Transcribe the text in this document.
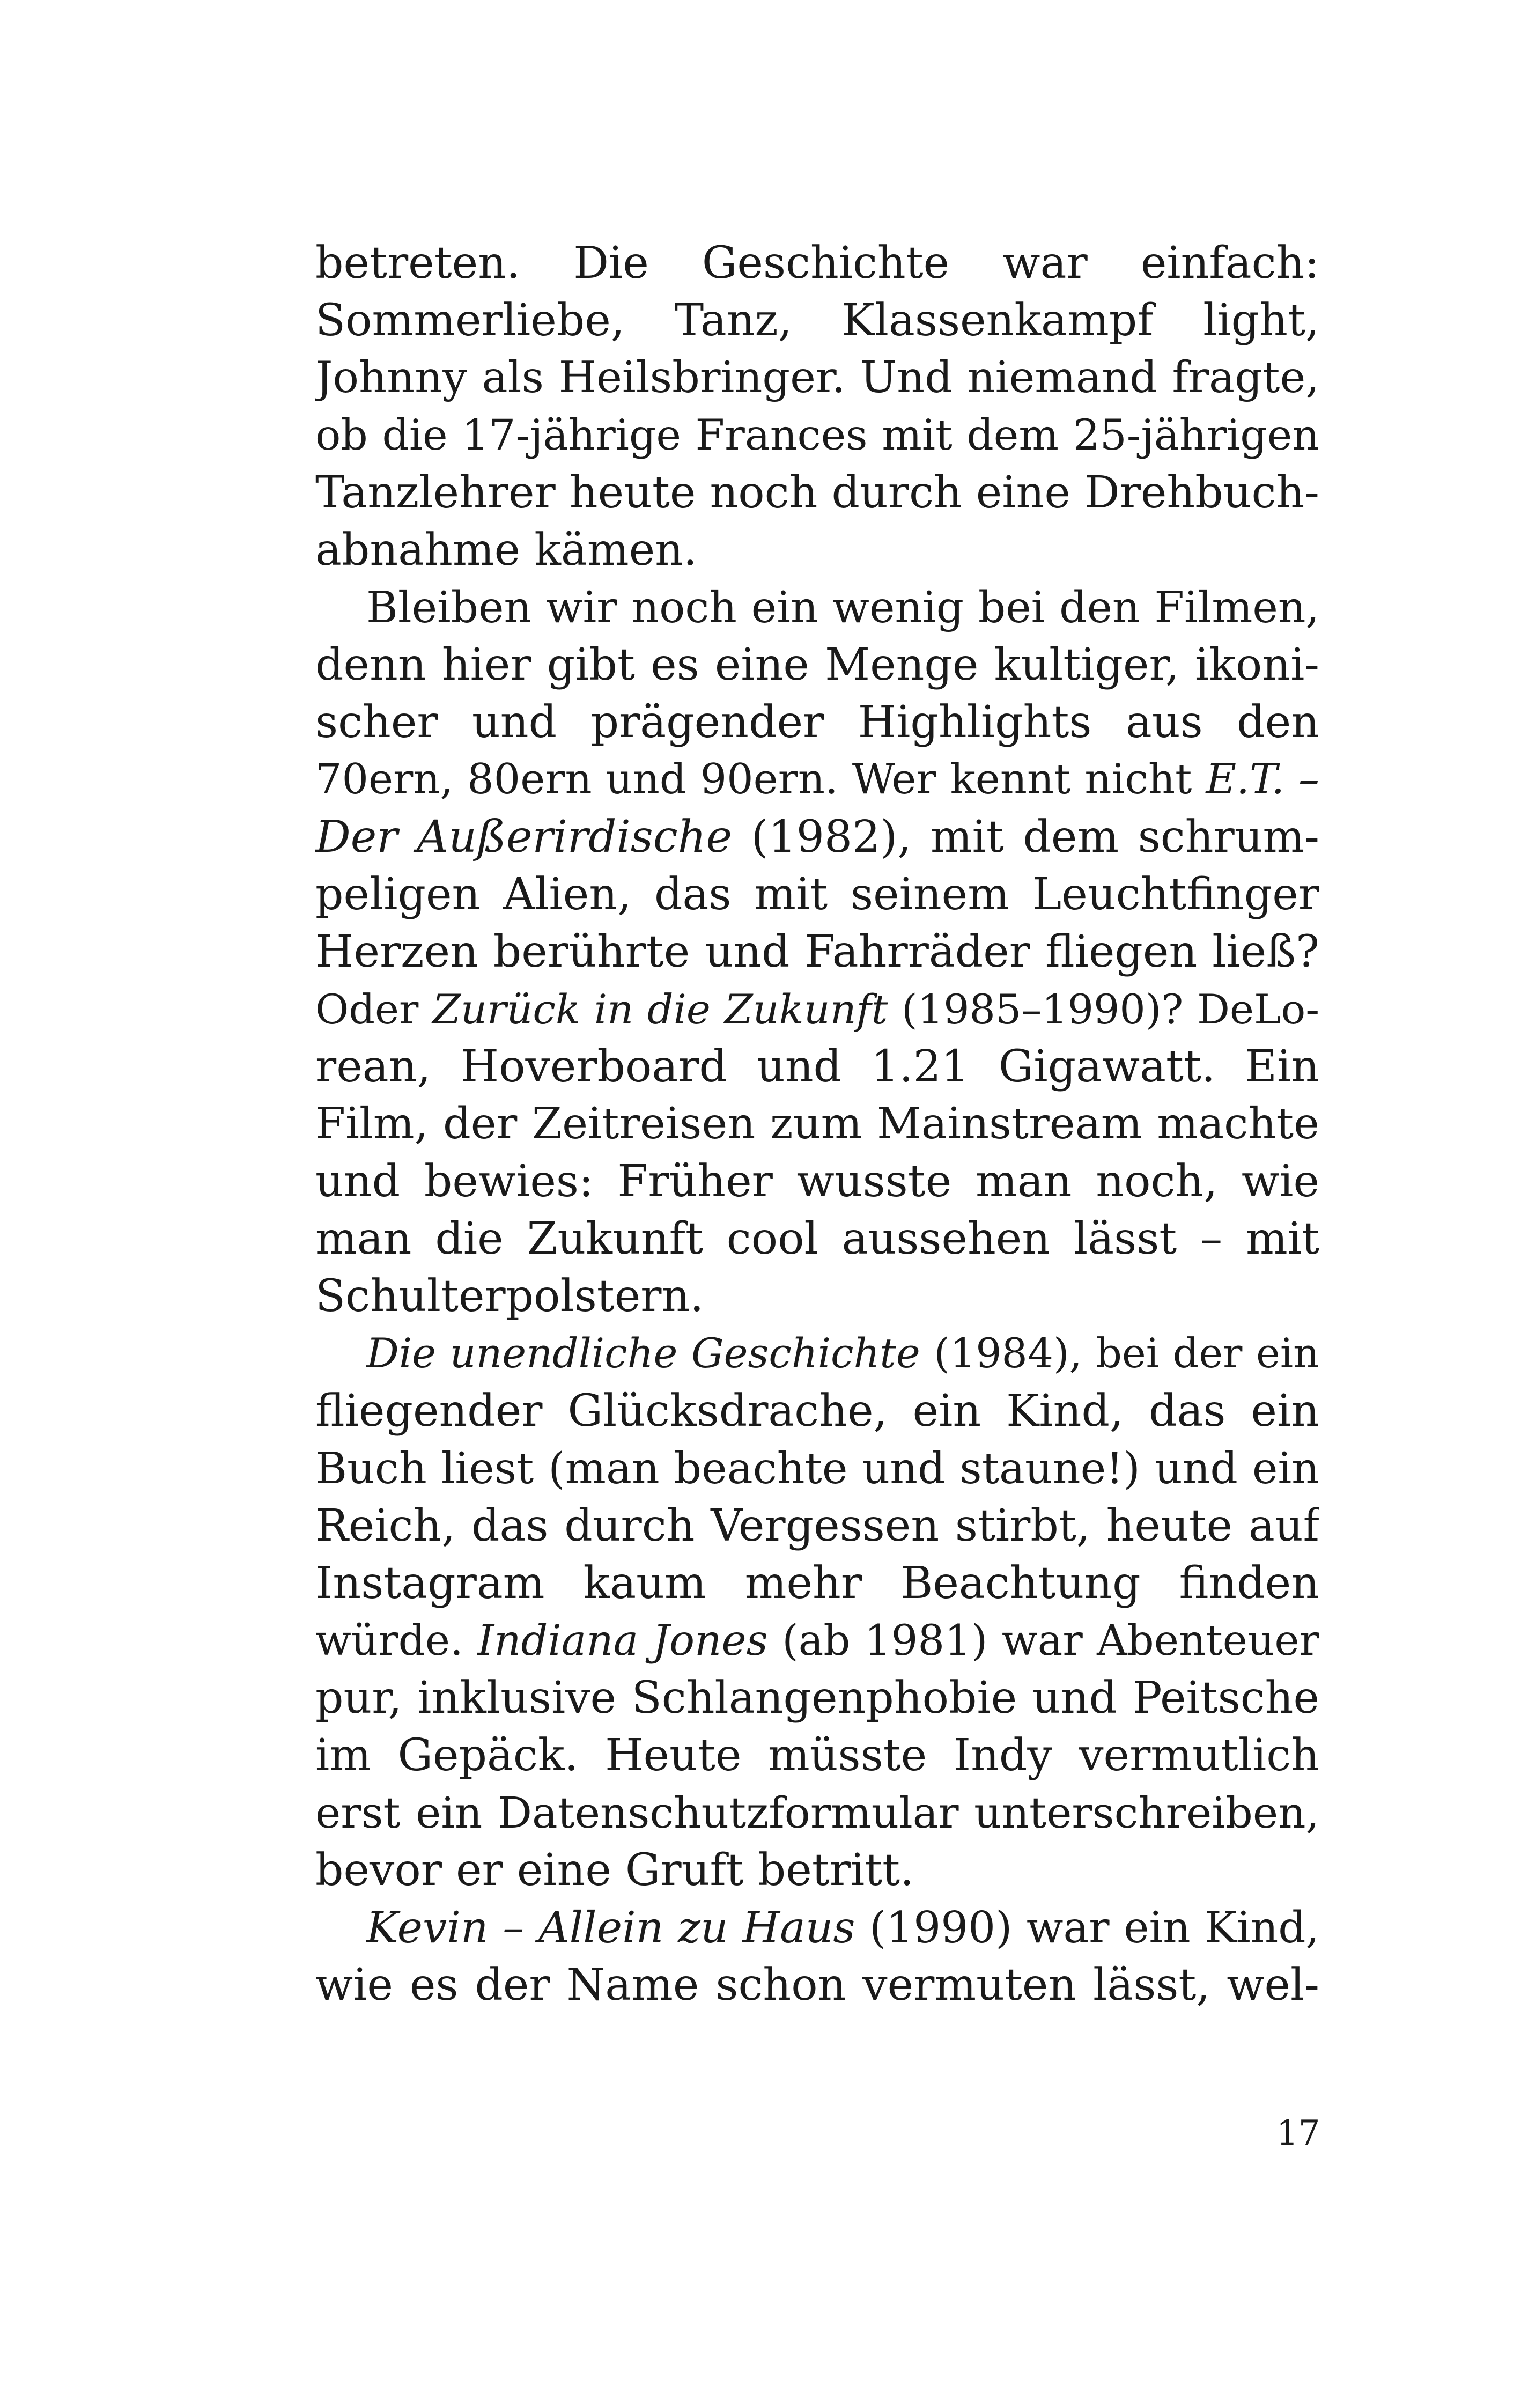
betreten. Die Geschichte war einfach:
Sommerliebe, Tanz, Klassenkampf light,
Johnny als Heilsbringer. Und niemand fragte,
ob die 17-jährige Frances mit dem 25-jährigen
Tanzlehrer heute noch durch eine Drehbuch-
abnahme kämen.
Bleiben wir noch ein wenig bei den Filmen,
denn hier gibt es eine Menge kultiger, ikoni-
scher und prägender Highlights aus den
70ern, 80ern und 90ern. Wer kennt nicht E.T. –
Der Außerirdische (1982), mit dem schrum-
peligen Alien, das mit seinem Leuchtfinger
Herzen berührte und Fahrräder fliegen ließ?
Oder Zurück in die Zukunft (1985–1990)? DeLo-
rean, Hoverboard und 1.21 Gigawatt. Ein
Film, der Zeitreisen zum Mainstream machte
und bewies: Früher wusste man noch, wie
man die Zukunft cool aussehen lässt – mit
Schulterpolstern.
Die unendliche Geschichte (1984), bei der ein
fliegender Glücksdrache, ein Kind, das ein
Buch liest (man beachte und staune!) und ein
Reich, das durch Vergessen stirbt, heute auf
Instagram kaum mehr Beachtung finden
würde. Indiana Jones (ab 1981) war Abenteuer
pur, inklusive Schlangenphobie und Peitsche
im Gepäck. Heute müsste Indy vermutlich
erst ein Datenschutzformular unterschreiben,
bevor er eine Gruft betritt.
Kevin – Allein zu Haus (1990) war ein Kind,
wie es der Name schon vermuten lässt, wel-
17
